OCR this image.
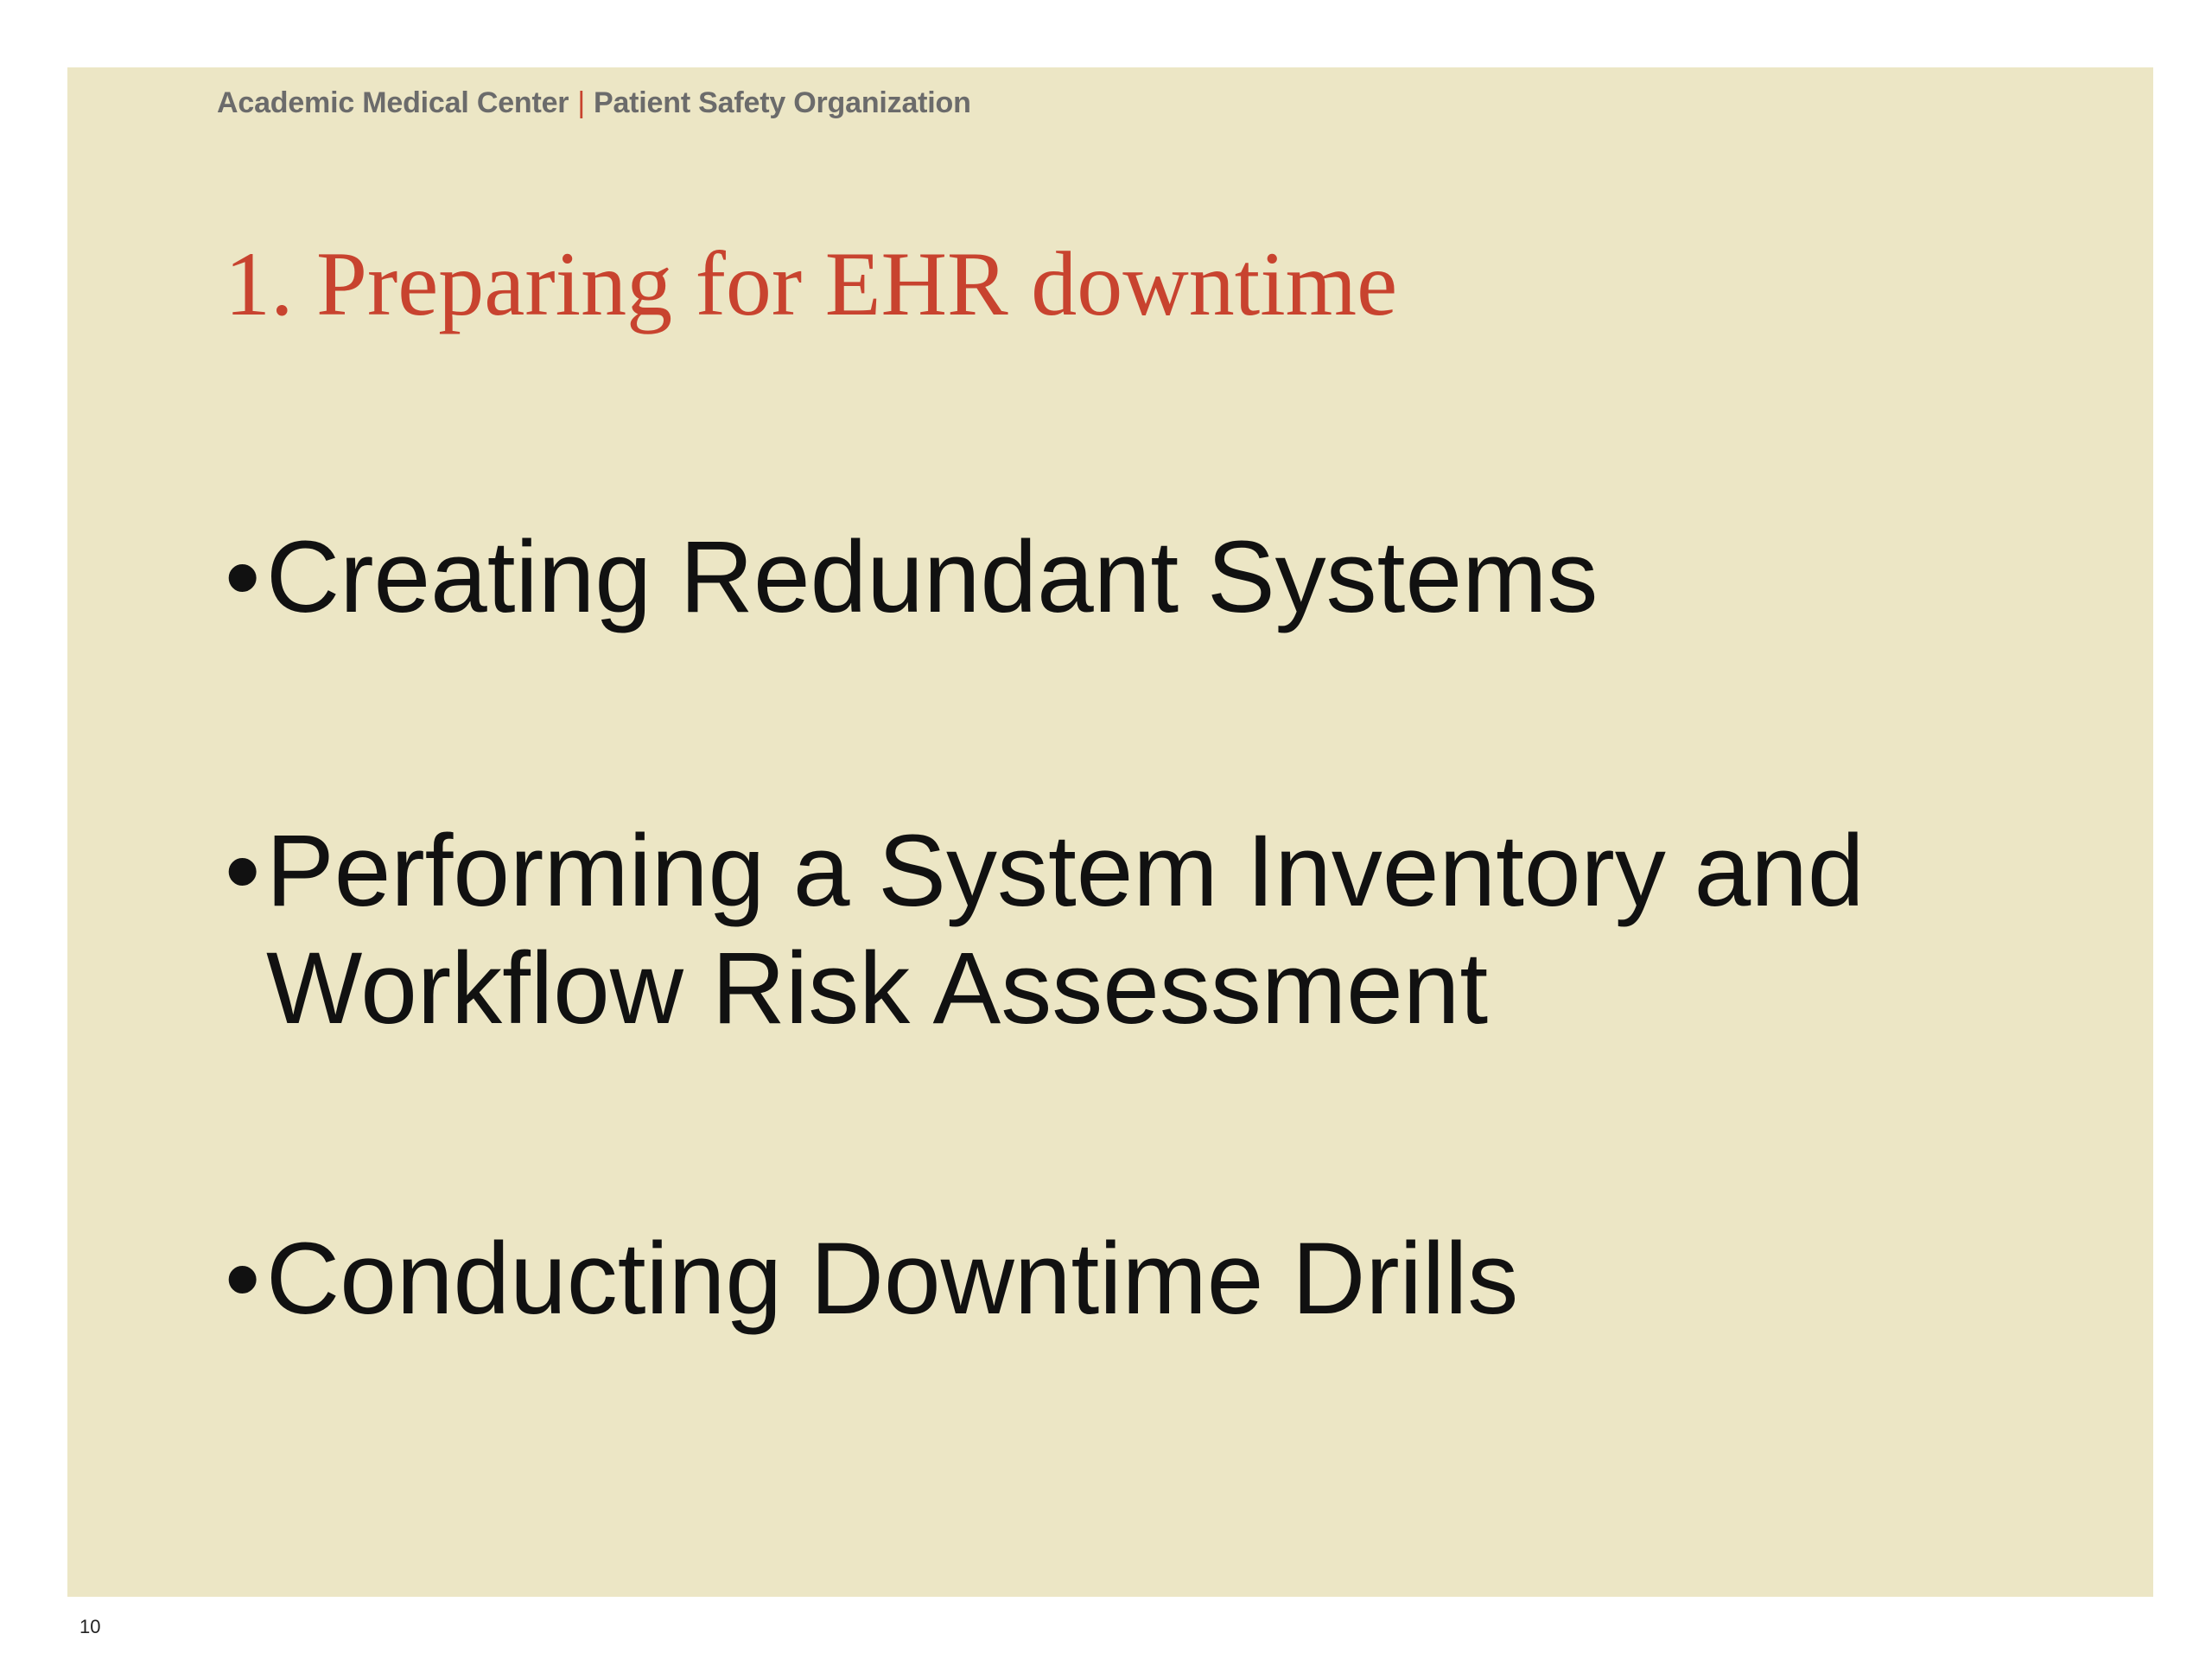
Academic Medical Center | Patient Safety Organization
1. Preparing for EHR downtime
• Creating Redundant Systems
• Performing a System Inventory and Workflow Risk Assessment
• Conducting Downtime Drills
10
